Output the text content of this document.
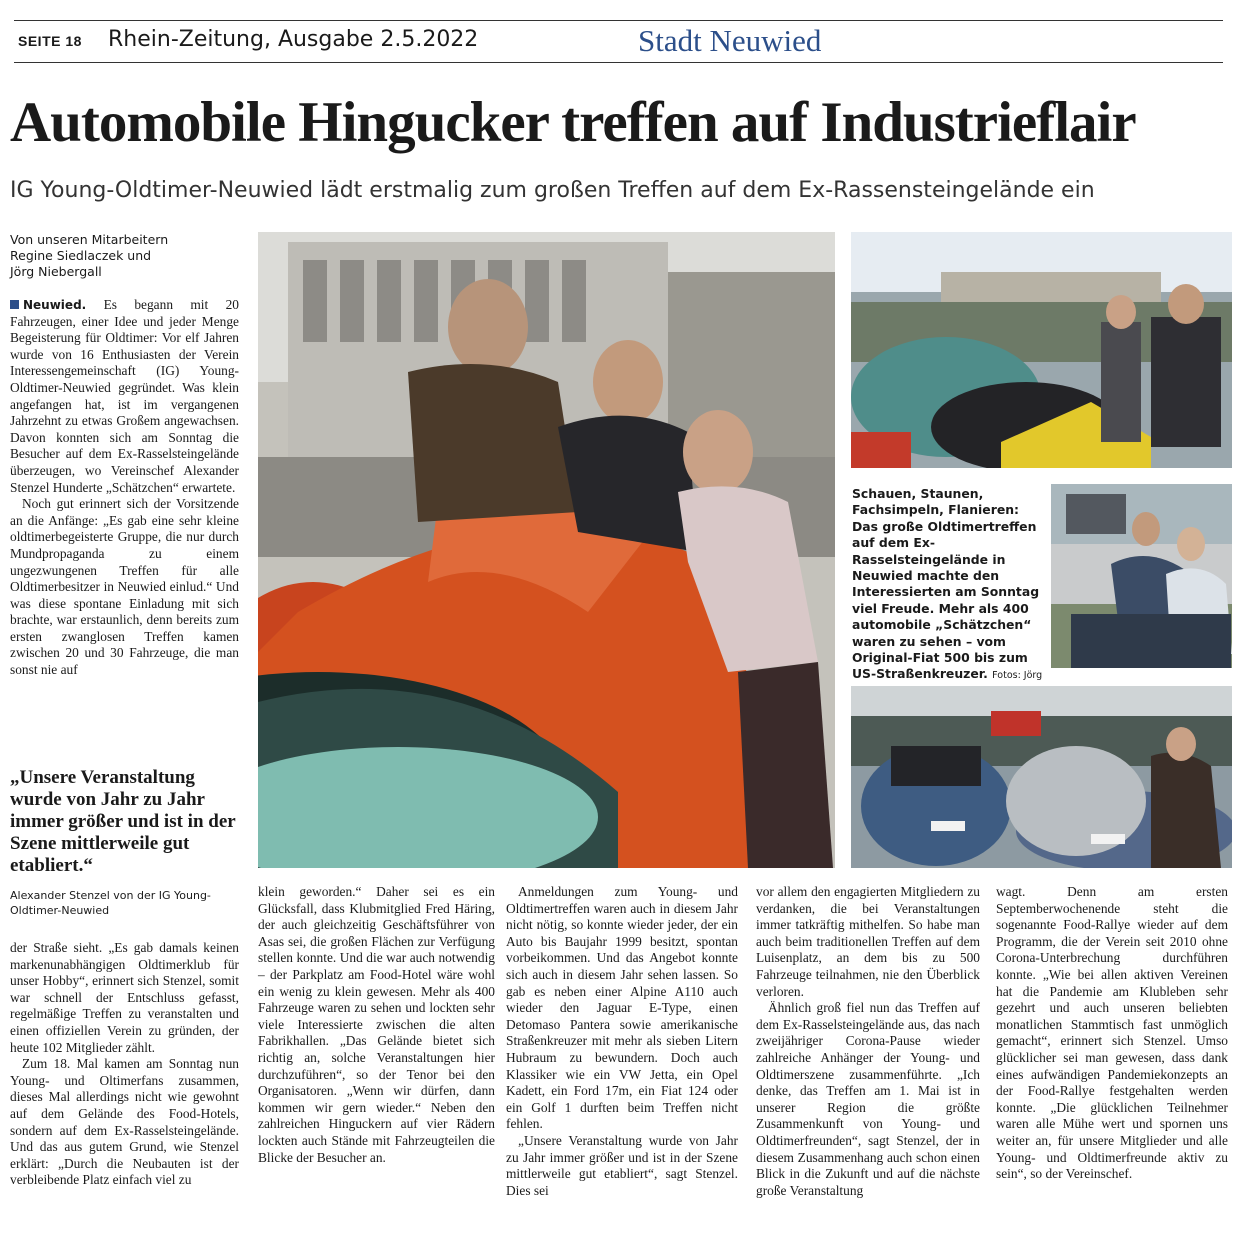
SEITE 18 Rhein-Zeitung, Ausgabe 2.5.2022	Stadt Neuwied
Automobile Hingucker treffen auf Industrieflair
IG Young-Oldtimer-Neuwied lädt erstmalig zum großen Treffen auf dem Ex-Rassensteingelände ein
Von unseren Mitarbeitern
Regine Siedlaczek und
Jörg Niebergall

Neuwied. Es begann mit 20 Fahrzeugen, einer Idee und jeder Menge Begeisterung für Oldtimer: Vor elf Jahren wurde von 16 Enthusiasten der Verein Interessengemeinschaft (IG) Young-Oldtimer-Neuwied gegründet. Was klein angefangen hat, ist im vergangenen Jahrzehnt zu etwas Großem angewachsen. Davon konnten sich am Sonntag die Besucher auf dem Ex-Rasselsteingelände überzeugen, wo Vereinschef Alexander Stenzel Hunderte „Schätzchen“ erwartete.

Noch gut erinnert sich der Vorsitzende an die Anfänge: „Es gab eine sehr kleine oldtimerbegeisterte Gruppe, die nur durch Mundpropaganda zu einem ungezwungenen Treffen für alle Oldtimerbesitzer in Neuwied einlud.“ Und was diese spontane Einladung mit sich brachte, war erstaunlich, denn bereits zum ersten zwanglosen Treffen kamen zwischen 20 und 30 Fahrzeuge, die man sonst nie auf

„Unsere Veranstaltung wurde von Jahr zu Jahr immer größer und ist in der Szene mittlerweile gut etabliert.“
Alexander Stenzel von der IG Young-Oldtimer-Neuwied

der Straße sieht. „Es gab damals keinen markenunabhängigen Oldtimerklub für unser Hobby“, erinnert sich Stenzel, somit war schnell der Entschluss gefasst, regelmäßige Treffen zu veranstalten und einen offiziellen Verein zu gründen, der heute 102 Mitglieder zählt.

Zum 18. Mal kamen am Sonntag nun Young- und Oltimerfans zusammen, dieses Mal allerdings nicht wie gewohnt auf dem Gelände des Food-Hotels, sondern auf dem Ex-Rasselsteingelände. Und das aus gutem Grund, wie Stenzel erklärt: „Durch die Neubauten ist der verbleibende Platz einfach viel zu

klein geworden.“ Daher sei es ein Glücksfall, dass Klubmitglied Fred Häring, der auch gleichzeitig Geschäftsführer von Asas sei, die großen Flächen zur Verfügung stellen konnte. Und die war auch notwendig – der Parkplatz am Food-Hotel wäre wohl ein wenig zu klein gewesen. Mehr als 400 Fahrzeuge waren zu sehen und lockten sehr viele Interessierte zwischen die alten Fabrikhallen. „Das Gelände bietet sich richtig an, solche Veranstaltungen hier durchzuführen“, so der Tenor bei den Organisatoren. „Wenn wir dürfen, dann kommen wir gern wieder.“ Neben den zahlreichen Hinguckern auf vier Rädern lockten auch Stände mit Fahrzeugteilen die Blicke der Besucher an.

Anmeldungen zum Young- und Oldtimertreffen waren auch in diesem Jahr nicht nötig, so konnte wieder jeder, der ein Auto bis Baujahr 1999 besitzt, spontan vorbeikommen. Und das Angebot konnte sich auch in diesem Jahr sehen lassen. So gab es neben einer Alpine A110 auch wieder den Jaguar E-Type, einen Detomaso Pantera sowie amerikanische Straßenkreuzer mit mehr als sieben Litern Hubraum zu bewundern. Doch auch Klassiker wie ein VW Jetta, ein Opel Kadett, ein Ford 17m, ein Fiat 124 oder ein Golf 1 durften beim Treffen nicht fehlen.

„Unsere Veranstaltung wurde von Jahr zu Jahr immer größer und ist in der Szene mittlerweile gut etabliert“, sagt Stenzel. Dies sei

vor allem den engagierten Mitgliedern zu verdanken, die bei Veranstaltungen immer tatkräftig mithelfen. So habe man auch beim traditionellen Treffen auf dem Luisenplatz, an dem bis zu 500 Fahrzeuge teilnahmen, nie den Überblick verloren.

Ähnlich groß fiel nun das Treffen auf dem Ex-Rasselsteingelände aus, das nach zweijähriger Corona-Pause wieder zahlreiche Anhänger der Young- und Oldtimerszene zusammenführte. „Ich denke, das Treffen am 1. Mai ist in unserer Region die größte Zusammenkunft von Young- und Oldtimerfreunden“, sagt Stenzel, der in diesem Zusammenhang auch schon einen Blick in die Zukunft und auf die nächste große Veranstaltung

wagt. Denn am ersten Septemberwochenende steht die sogenannte Food-Rallye wieder auf dem Programm, die der Verein seit 2010 ohne Corona-Unterbrechung durchführen konnte. „Wie bei allen aktiven Vereinen hat die Pandemie am Klubleben sehr gezehrt und auch unseren beliebten monatlichen Stammtisch fast unmöglich gemacht“, erinnert sich Stenzel. Umso glücklicher sei man gewesen, dass dank eines aufwändigen Pandemiekonzepts an der Food-Rallye festgehalten werden konnte. „Die glücklichen Teilnehmer waren alle Mühe wert und spornen uns weiter an, für unsere Mitglieder und alle Young- und Oldtimerfreunde aktiv zu sein“, so der Vereinschef.

Schauen, Staunen, Fachsimpeln, Flanieren: Das große Oldtimertreffen auf dem Ex-Rasselsteingelände in Neuwied machte den Interessierten am Sonntag viel Freude. Mehr als 400 automobile „Schätzchen“ waren zu sehen – vom Original-Fiat 500 bis zum US-Straßenkreuzer. Fotos: Jörg
